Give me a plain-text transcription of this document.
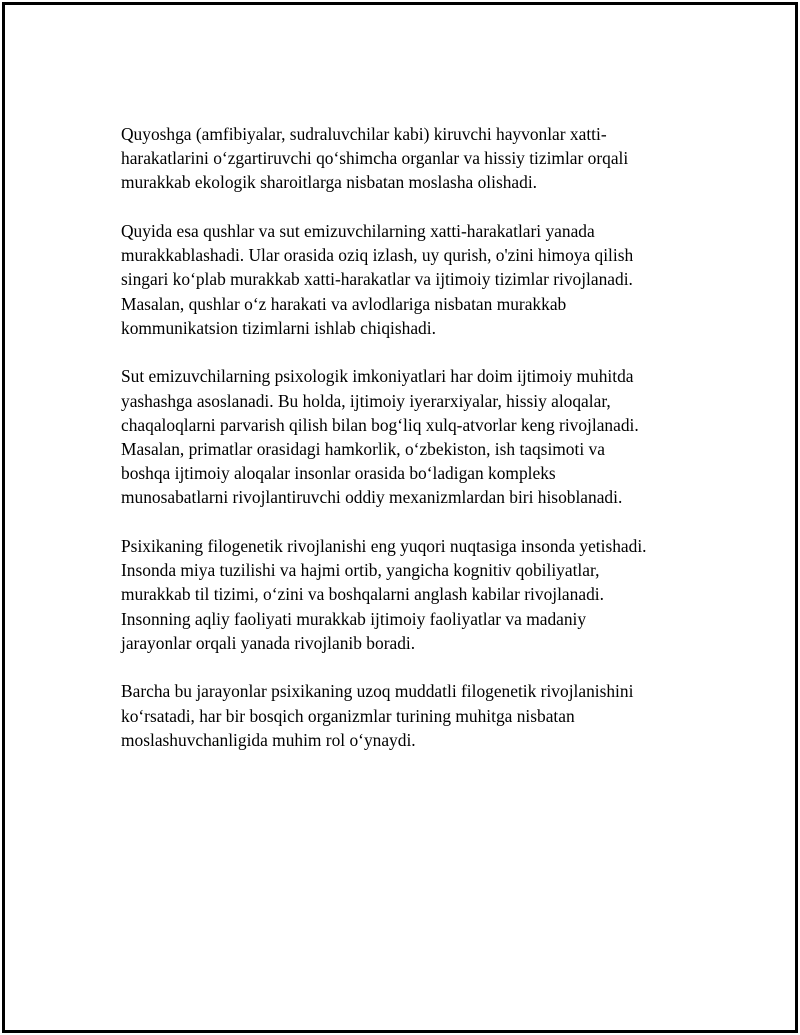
Quyoshga (amfibiyalar, sudraluvchilar kabi) kiruvchi hayvonlar xatti-
harakatlarini o‘zgartiruvchi qo‘shimcha organlar va hissiy tizimlar orqali
murakkab ekologik sharoitlarga nisbatan moslasha olishadi.

Quyida esa qushlar va sut emizuvchilarning xatti-harakatlari yanada
murakkablashadi. Ular orasida oziq izlash, uy qurish, o'zini himoya qilish
singari ko‘plab murakkab xatti-harakatlar va ijtimoiy tizimlar rivojlanadi.
Masalan, qushlar o‘z harakati va avlodlariga nisbatan murakkab
kommunikatsion tizimlarni ishlab chiqishadi.

Sut emizuvchilarning psixologik imkoniyatlari har doim ijtimoiy muhitda
yashashga asoslanadi. Bu holda, ijtimoiy iyerarxiyalar, hissiy aloqalar,
chaqaloqlarni parvarish qilish bilan bog‘liq xulq-atvorlar keng rivojlanadi.
Masalan, primatlar orasidagi hamkorlik, o‘zbekiston, ish taqsimoti va
boshqa ijtimoiy aloqalar insonlar orasida bo‘ladigan kompleks
munosabatlarni rivojlantiruvchi oddiy mexanizmlardan biri hisoblanadi.

Psixikaning filogenetik rivojlanishi eng yuqori nuqtasiga insonda yetishadi.
Insonda miya tuzilishi va hajmi ortib, yangicha kognitiv qobiliyatlar,
murakkab til tizimi, o‘zini va boshqalarni anglash kabilar rivojlanadi.
Insonning aqliy faoliyati murakkab ijtimoiy faoliyatlar va madaniy
jarayonlar orqali yanada rivojlanib boradi.

Barcha bu jarayonlar psixikaning uzoq muddatli filogenetik rivojlanishini
ko‘rsatadi, har bir bosqich organizmlar turining muhitga nisbatan
moslashuvchanligida muhim rol o‘ynaydi.
